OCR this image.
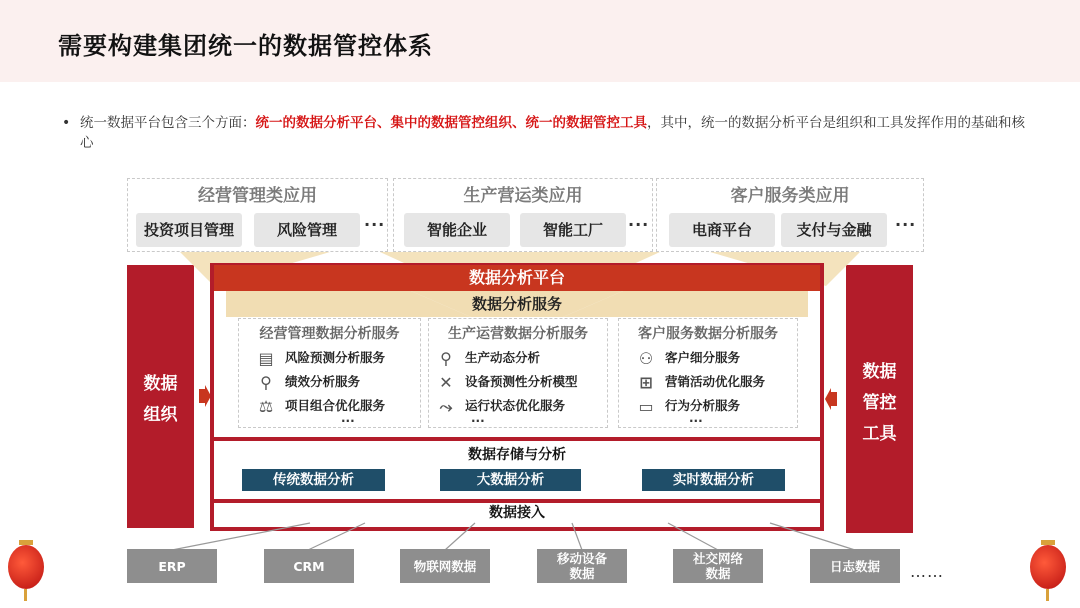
需要构建集团统一的数据管控体系
• 统一数据平台包含三个方面：统一的数据分析平台、集中的数据管控组织、统一的数据管控工具，其中，统一的数据分析平台是组织和工具发挥作用的基础和核心
经营管理类应用
投资项目管理	风险管理	···
生产营运类应用
智能企业	智能工厂	···
客户服务类应用
电商平台	支付与金融	···
数据
组织
数据
管控
工具
数据分析平台
数据分析服务
经营管理数据分析服务
▤ 风险预测分析服务
⚲ 绩效分析服务
⚖ 项目组合优化服务
···
生产运营数据分析服务
⚲ 生产动态分析
✕ 设备预测性分析模型
⤳ 运行状态优化服务
···
客户服务数据分析服务
⚇ 客户细分服务
⊞ 营销活动优化服务
▭ 行为分析服务
···
数据存储与分析
传统数据分析	大数据分析	实时数据分析
数据接入
ERP	CRM	物联网数据	移动设备
数据
社交网络
数据	日志数据	……
